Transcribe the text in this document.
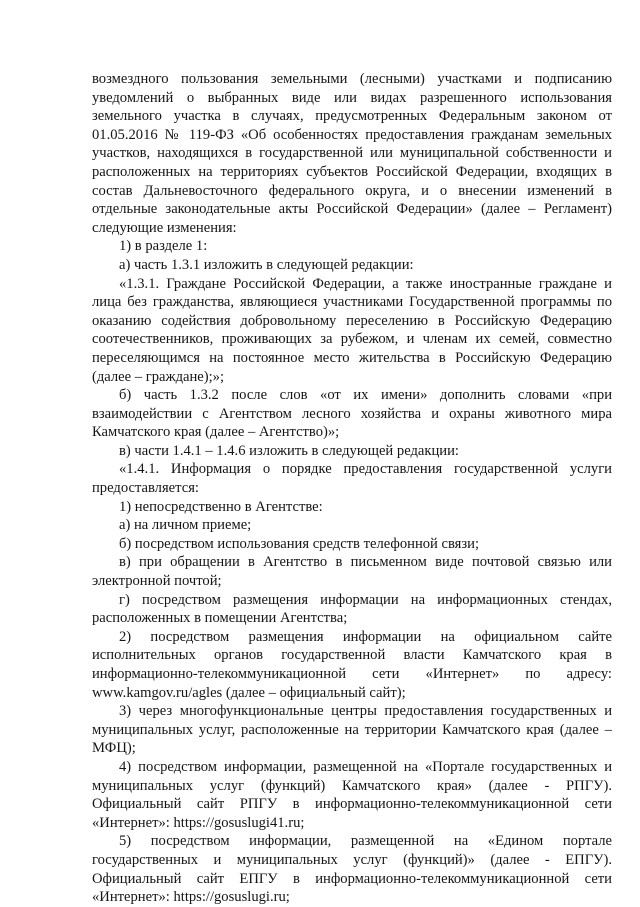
возмездного пользования земельными (лесными) участками и подписанию уведомлений о выбранных виде или видах разрешенного использования земельного участка в случаях, предусмотренных Федеральным законом от 01.05.2016 № 119-ФЗ «Об особенностях предоставления гражданам земельных участков, находящихся в государственной или муниципальной собственности и расположенных на территориях субъектов Российской Федерации, входящих в состав Дальневосточного федерального округа, и о внесении изменений в отдельные законодательные акты Российской Федерации» (далее – Регламент) следующие изменения:

1) в разделе 1:

а) часть 1.3.1 изложить в следующей редакции:

«1.3.1. Граждане Российской Федерации, а также иностранные граждане и лица без гражданства, являющиеся участниками Государственной программы по оказанию содействия добровольному переселению в Российскую Федерацию соотечественников, проживающих за рубежом, и членам их семей, совместно переселяющимся на постоянное место жительства в Российскую Федерацию (далее – граждане);»;

б) часть 1.3.2 после слов «от их имени» дополнить словами «при взаимодействии с Агентством лесного хозяйства и охраны животного мира Камчатского края (далее – Агентство)»;

в) части 1.4.1 – 1.4.6 изложить в следующей редакции:

«1.4.1. Информация о порядке предоставления государственной услуги предоставляется:

1) непосредственно в Агентстве:

а) на личном приеме;

б) посредством использования средств телефонной связи;

в) при обращении в Агентство в письменном виде почтовой связью или электронной почтой;

г) посредством размещения информации на информационных стендах, расположенных в помещении Агентства;

2) посредством размещения информации на официальном сайте исполнительных органов государственной власти Камчатского края в информационно-телекоммуникационной сети «Интернет» по адресу: www.kamgov.ru/agles (далее – официальный сайт);

3) через многофункциональные центры предоставления государственных и муниципальных услуг, расположенные на территории Камчатского края (далее – МФЦ);

4) посредством информации, размещенной на «Портале государственных и муниципальных услуг (функций) Камчатского края» (далее - РПГУ). Официальный сайт РПГУ в информационно-телекоммуникационной сети «Интернет»: https://gosuslugi41.ru;

5) посредством информации, размещенной на «Едином портале государственных и муниципальных услуг (функций)» (далее - ЕПГУ). Официальный сайт ЕПГУ в информационно-телекоммуникационной сети «Интернет»: https://gosuslugi.ru;
